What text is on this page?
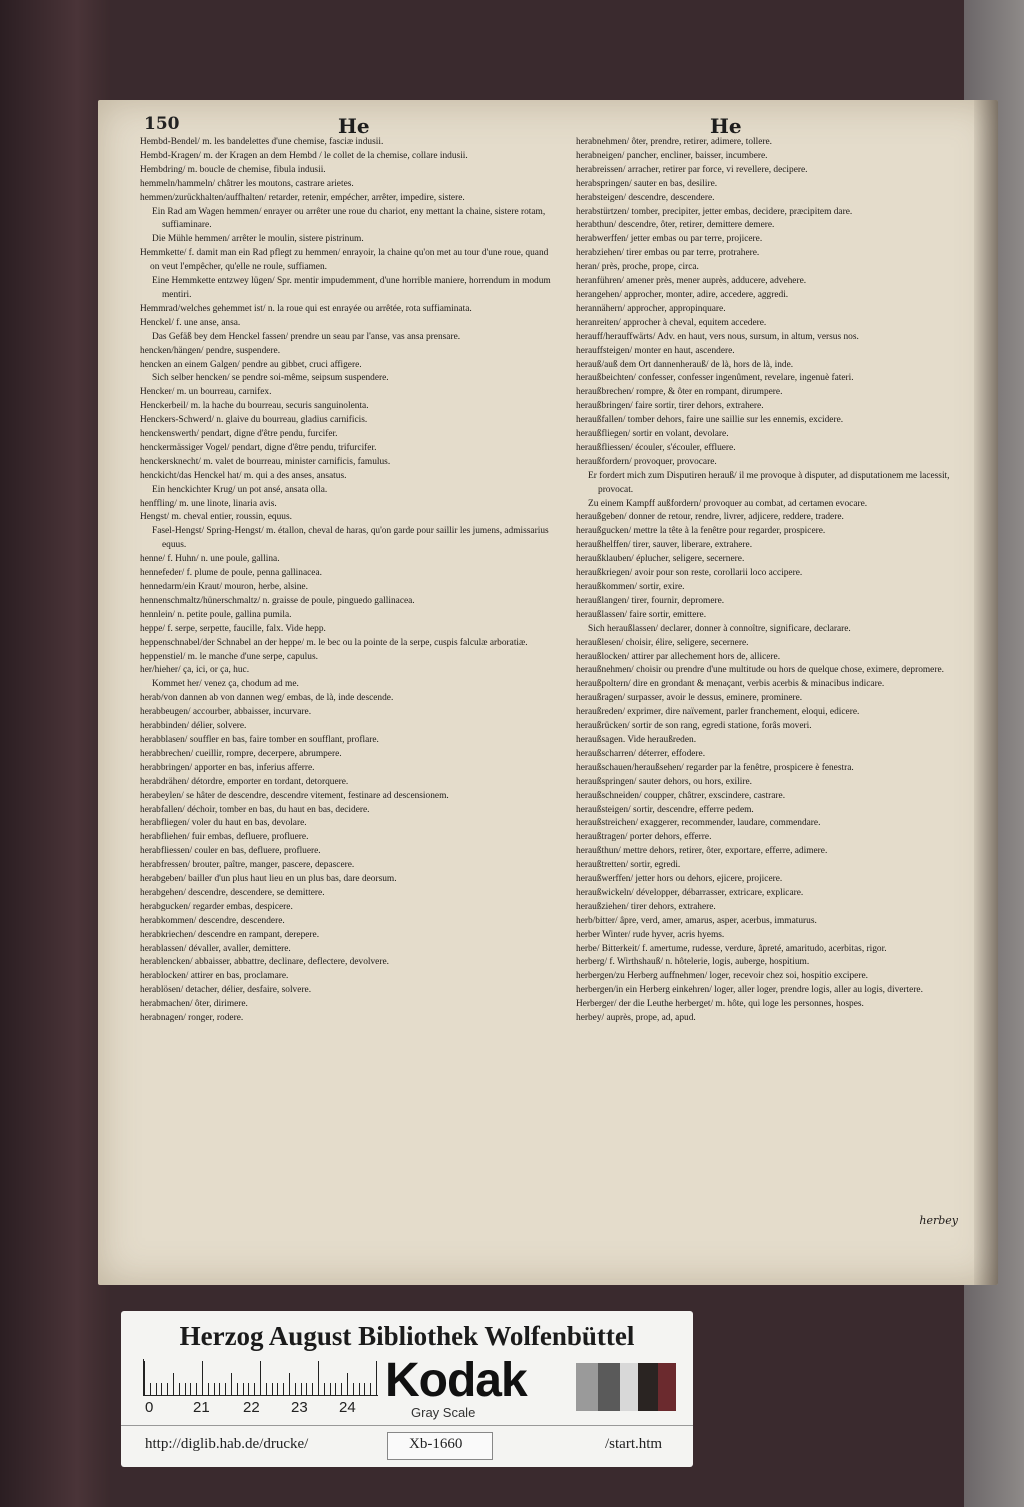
150	He	He

Hembd-Bendel/ m. les bandelettes d'une chemise, fasciæ indusii.

Hembd-Kragen/ m. der Kragen an dem Hembd / le collet de la chemise, collare indusii.

Hembdring/ m. boucle de chemise, fibula indusii.

hemmeln/hammeln/ châtrer les moutons, castrare arietes.

hemmen/zurückhalten/auffhalten/ retarder, retenir, empécher, arrêter, impedire, sistere.

Ein Rad am Wagen hemmen/ enrayer ou arrêter une roue du chariot, eny mettant la chaine, sistere rotam, suffiaminare.

Die Mühle hemmen/ arrêter le moulin, sistere pistrinum.

Hemmkette/ f. damit man ein Rad pflegt zu hemmen/ enrayoir, la chaine qu'on met au tour d'une roue, quand on veut l'empêcher, qu'elle ne roule, suffiamen.

Eine Hemmkette entzwey lügen/ Spr. mentir impudemment, d'une horrible maniere, horrendum in modum mentiri.

Hemmrad/welches gehemmet ist/ n. la roue qui est enrayée ou arrêtée, rota suffiaminata.

Henckel/ f. une anse, ansa.

Das Gefäß bey dem Henckel fassen/ prendre un seau par l'anse, vas ansa prensare.

hencken/hängen/ pendre, suspendere.

hencken an einem Galgen/ pendre au gibbet, cruci affigere.

Sich selber hencken/ se pendre soi-même, seipsum suspendere.

Hencker/ m. un bourreau, carnifex.

Henckerbeil/ m. la hache du bourreau, securis sanguinolenta.

Henckers-Schwerd/ n. glaive du bourreau, gladius carnificis.

henckenswerth/ pendart, digne d'être pendu, furcifer.

henckermässiger Vogel/ pendart, digne d'être pendu, trifurcifer.

henckersknecht/ m. valet de bourreau, minister carnificis, famulus.

henckicht/das Henckel hat/ m. qui a des anses, ansatus.

Ein henckichter Krug/ un pot ansé, ansata olla.

henffling/ m. une linote, linaria avis.

Hengst/ m. cheval entier, roussin, equus.

Fasel-Hengst/ Spring-Hengst/ m. étallon, cheval de haras, qu'on garde pour saillir les jumens, admissarius equus.

henne/ f. Huhn/ n. une poule, gallina.

hennefeder/ f. plume de poule, penna gallinacea.

hennedarm/ein Kraut/ mouron, herbe, alsine.

hennenschmaltz/hünerschmaltz/ n. graisse de poule, pinguedo gallinacea.

hennlein/ n. petite poule, gallina pumila.

heppe/ f. serpe, serpette, faucille, falx. Vide hepp.

heppenschnabel/der Schnabel an der heppe/ m. le bec ou la pointe de la serpe, cuspis falculæ arboratiæ.

heppenstiel/ m. le manche d'une serpe, capulus.

her/hieher/ ça, ici, or ça, huc.

Kommet her/ venez ça, chodum ad me.

herab/von dannen ab von dannen weg/ embas, de là, inde descende.

herabbeugen/ accourber, abbaisser, incurvare.

herabbinden/ délier, solvere.

herabblasen/ souffler en bas, faire tomber en soufflant, proflare.

herabbrechen/ cueillir, rompre, decerpere, abrumpere.

herabbringen/ apporter en bas, inferius afferre.

herabdrähen/ détordre, emporter en tordant, detorquere.

herabeylen/ se hâter de descendre, descendre vitement, festinare ad descensionem.

herabfallen/ déchoir, tomber en bas, du haut en bas, decidere.

herabfliegen/ voler du haut en bas, devolare.

herabfliehen/ fuir embas, defluere, profluere.

herabfliessen/ couler en bas, defluere, profluere.

herabfressen/ brouter, paître, manger, pascere, depascere.

herabgeben/ bailler d'un plus haut lieu en un plus bas, dare deorsum.

herabgehen/ descendre, descendere, se demittere.

herabgucken/ regarder embas, despicere.

herabkommen/ descendre, descendere.

herabkriechen/ descendre en rampant, derepere.

herablassen/ dévaller, avaller, demittere.

herablencken/ abbaisser, abbattre, declinare, deflectere, devolvere.

herablocken/ attirer en bas, proclamare.

herablösen/ detacher, délier, desfaire, solvere.

herabmachen/ ôter, dirimere.

herabnagen/ ronger, rodere.

herabnehmen/ ôter, prendre, retirer, adimere, tollere.

herabneigen/ pancher, encliner, baisser, incumbere.

herabreissen/ arracher, retirer par force, vi revellere, decipere.

herabspringen/ sauter en bas, desilire.

herabsteigen/ descendre, descendere.

herabstürtzen/ tomber, precipiter, jetter embas, decidere, præcipitem dare.

herabthun/ descendre, ôter, retirer, demittere demere.

herabwerffen/ jetter embas ou par terre, projicere.

herabziehen/ tirer embas ou par terre, protrahere.

heran/ près, proche, prope, circa.

heranführen/ amener près, mener auprès, adducere, advehere.

herangehen/ approcher, monter, adire, accedere, aggredi.

herannähern/ approcher, appropinquare.

heranreiten/ approcher à cheval, equitem accedere.

herauff/herauffwärts/ Adv. en haut, vers nous, sursum, in altum, versus nos.

herauffsteigen/ monter en haut, ascendere.

herauß/auß dem Ort dannenherauß/ de là, hors de là, inde.

heraußbeichten/ confesser, confesser ingenûment, revelare, ingenuè fateri.

heraußbrechen/ rompre, & ôter en rompant, dirumpere.

heraußbringen/ faire sortir, tirer dehors, extrahere.

heraußfallen/ tomber dehors, faire une saillie sur les ennemis, excidere.

heraußfliegen/ sortir en volant, devolare.

heraußfliessen/ écouler, s'écouler, effluere.

heraußfordern/ provoquer, provocare.

Er fordert mich zum Disputiren herauß/ il me provoque à disputer, ad disputationem me lacessit, provocat.

Zu einem Kampff außfordern/ provoquer au combat, ad certamen evocare.

heraußgeben/ donner de retour, rendre, livrer, adjicere, reddere, tradere.

heraußgucken/ mettre la tête à la fenêtre pour regarder, prospicere.

heraußhelffen/ tirer, sauver, liberare, extrahere.

heraußklauben/ éplucher, seligere, secernere.

heraußkriegen/ avoir pour son reste, corollarii loco accipere.

heraußkommen/ sortir, exire.

heraußlangen/ tirer, fournir, depromere.

heraußlassen/ faire sortir, emittere.

Sich heraußlassen/ declarer, donner à connoître, significare, declarare.

heraußlesen/ choisir, élire, seligere, secernere.

heraußlocken/ attirer par allechement hors de, allicere.

heraußnehmen/ choisir ou prendre d'une multitude ou hors de quelque chose, eximere, depromere.

heraußpoltern/ dire en grondant & menaçant, verbis acerbis & minacibus indicare.

heraußragen/ surpasser, avoir le dessus, eminere, prominere.

heraußreden/ exprimer, dire naïvement, parler franchement, eloqui, edicere.

heraußrücken/ sortir de son rang, egredi statione, forâs moveri.

heraußsagen. Vide heraußreden.

heraußscharren/ déterrer, effodere.

heraußschauen/heraußsehen/ regarder par la fenêtre, prospicere è fenestra.

heraußspringen/ sauter dehors, ou hors, exilire.

heraußschneiden/ coupper, châtrer, exscindere, castrare.

heraußsteigen/ sortir, descendre, efferre pedem.

heraußstreichen/ exaggerer, recommender, laudare, commendare.

heraußtragen/ porter dehors, efferre.

heraußthun/ mettre dehors, retirer, ôter, exportare, efferre, adimere.

heraußtretten/ sortir, egredi.

heraußwerffen/ jetter hors ou dehors, ejicere, projicere.

heraußwickeln/ développer, débarrasser, extricare, explicare.

heraußziehen/ tirer dehors, extrahere.

herb/bitter/ âpre, verd, amer, amarus, asper, acerbus, immaturus.

herber Winter/ rude hyver, acris hyems.

herbe/ Bitterkeit/ f. amertume, rudesse, verdure, âpreté, amaritudo, acerbitas, rigor.

herberg/ f. Wirthshauß/ n. hôtelerie, logis, auberge, hospitium.

herbergen/zu Herberg auffnehmen/ loger, recevoir chez soi, hospitio excipere.

herbergen/in ein Herberg einkehren/ loger, aller loger, prendre logis, aller au logis, divertere.

Herberger/ der die Leuthe herberget/ m. hôte, qui loge les personnes, hospes.

herbey/ auprès, prope, ad, apud.

herbey
Herzog August Bibliothek Wolfenbüttel
0	21 22 23 24
Kodak
Gray Scale
http://diglib.hab.de/drucke/	Xb-1660	/start.htm
